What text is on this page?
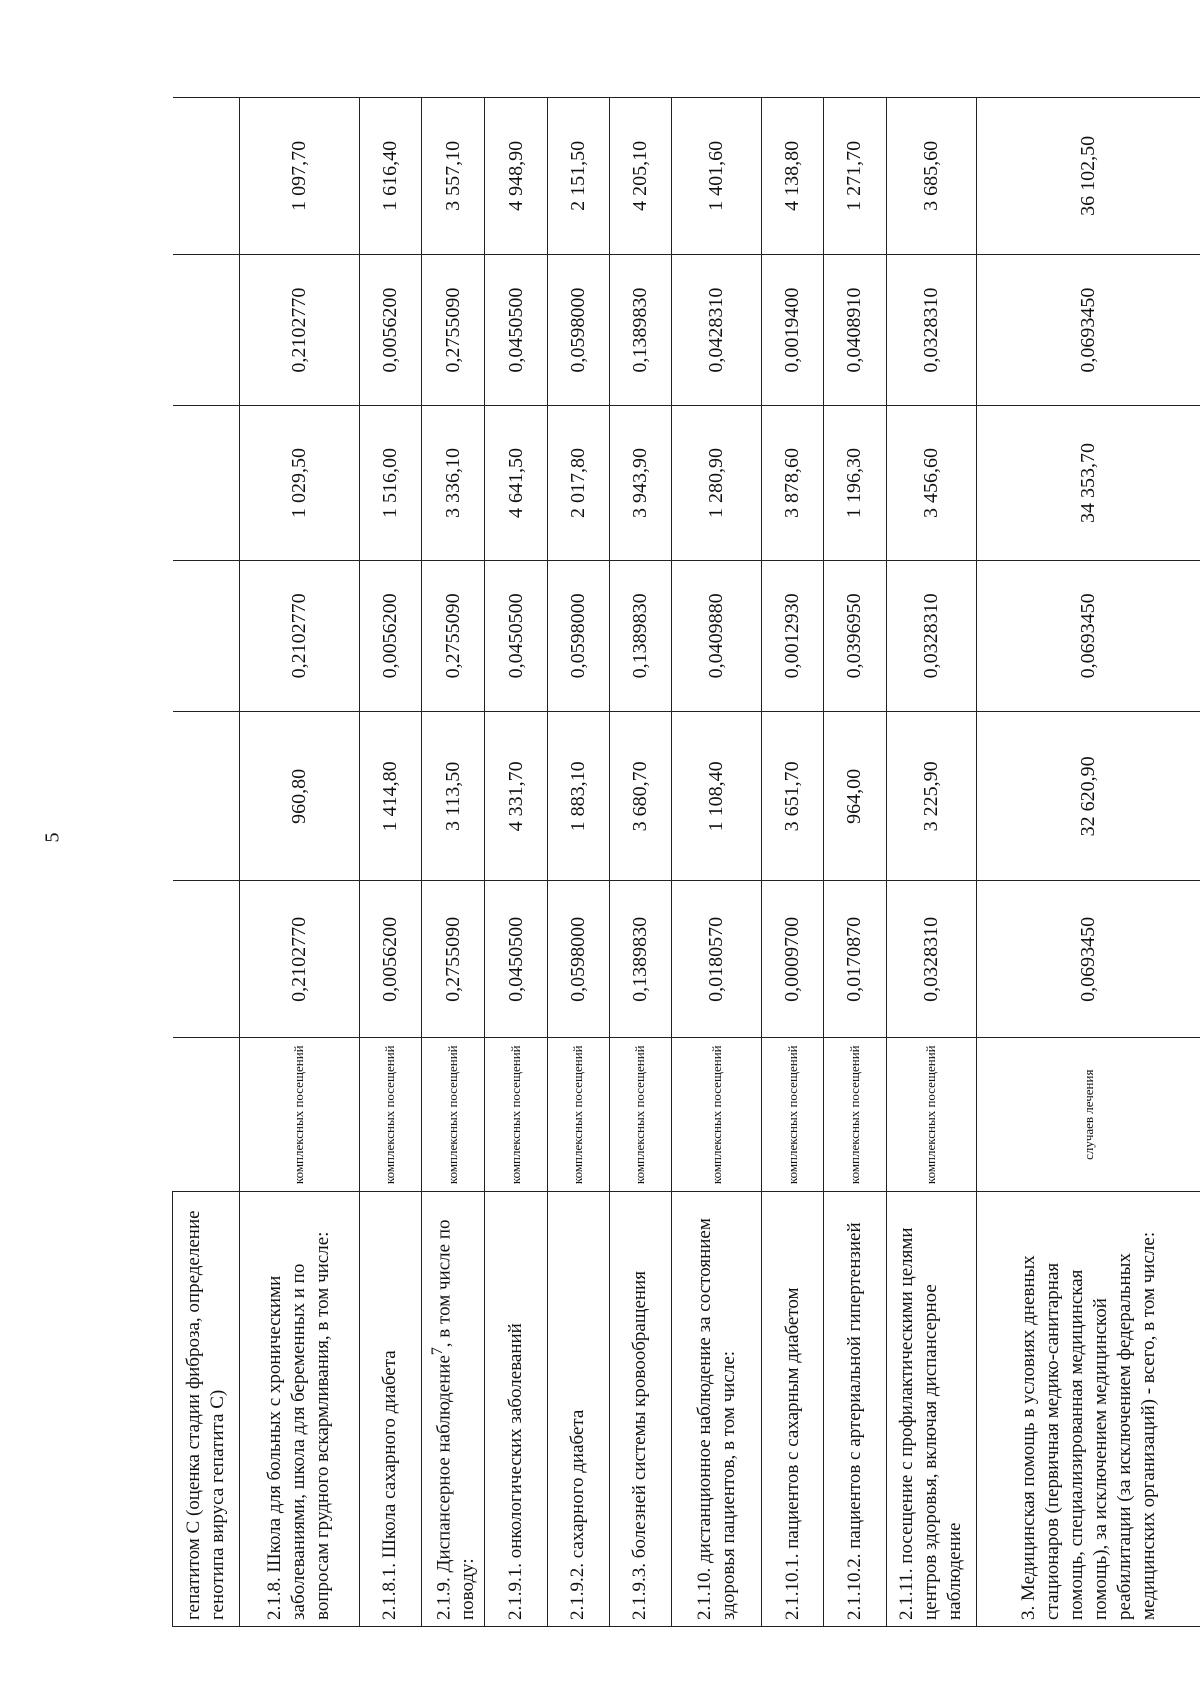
5
гепатитом С (оценка стадии фиброза, определение генотипа вируса гепатита С)							
2.1.8. Школа для больных с хроническими заболеваниями, школа для беременных и по вопросам грудного вскармливания, в том числе:	комплексных посещений	0,2102770	960,80	0,2102770	1 029,50	0,2102770	1 097,70
2.1.8.1. Школа сахарного диабета	комплексных посещений	0,0056200	1 414,80	0,0056200	1 516,00	0,0056200	1 616,40
2.1.9. Диспансерное наблюдение$^7$, в том числе по поводу:	комплексных посещений	0,2755090	3 113,50	0,2755090	3 336,10	0,2755090	3 557,10
2.1.9.1. онкологических заболеваний	комплексных посещений	0,0450500	4 331,70	0,0450500	4 641,50	0,0450500	4 948,90
2.1.9.2. сахарного диабета	комплексных посещений	0,0598000	1 883,10	0,0598000	2 017,80	0,0598000	2 151,50
2.1.9.3. болезней системы кровообращения	комплексных посещений	0,1389830	3 680,70	0,1389830	3 943,90	0,1389830	4 205,10
2.1.10. дистанционное наблюдение за состоянием здоровья пациентов, в том числе:	комплексных посещений	0,0180570	1 108,40	0,0409880	1 280,90	0,0428310	1 401,60
2.1.10.1. пациентов с сахарным диабетом	комплексных посещений	0,0009700	3 651,70	0,0012930	3 878,60	0,0019400	4 138,80
2.1.10.2. пациентов с артериальной гипертензией	комплексных посещений	0,0170870	964,00	0,0396950	1 196,30	0,0408910	1 271,70
2.1.11. посещение с профилактическими целями центров здоровья, включая диспансерное наблюдение	комплексных посещений	0,0328310	3 225,90	0,0328310	3 456,60	0,0328310	3 685,60
3. Медицинская помощь в условиях дневных стационаров (первичная медико-санитарная помощь, специализированная медицинская помощь), за исключением медицинской реабилитации (за исключением федеральных медицинских организаций) - всего, в том числе:	случаев лечения	0,0693450	32 620,90	0,0693450	34 353,70	0,0693450	36 102,50
